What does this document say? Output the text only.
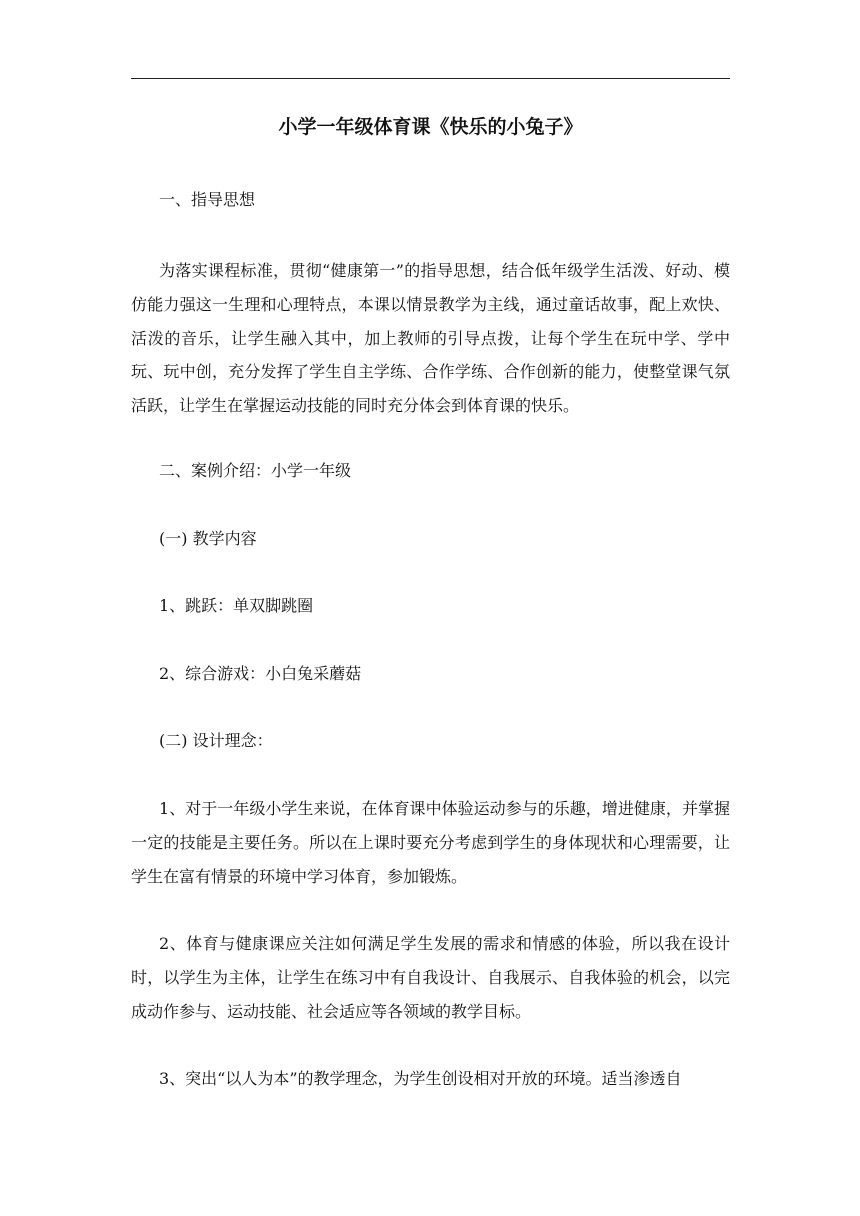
小学一年级体育课《快乐的小兔子》
一、指导思想
为落实课程标准，贯彻“健康第一”的指导思想，结合低年级学生活泼、好动、模仿能力强这一生理和心理特点，本课以情景教学为主线，通过童话故事，配上欢快、活泼的音乐，让学生融入其中，加上教师的引导点拨，让每个学生在玩中学、学中玩、玩中创，充分发挥了学生自主学练、合作学练、合作创新的能力，使整堂课气氛活跃，让学生在掌握运动技能的同时充分体会到体育课的快乐。
二、案例介绍：小学一年级
(一) 教学内容
1、跳跃：单双脚跳圈
2、综合游戏：小白兔采蘑菇
(二) 设计理念：
1、对于一年级小学生来说，在体育课中体验运动参与的乐趣，增进健康，并掌握一定的技能是主要任务。所以在上课时要充分考虑到学生的身体现状和心理需要，让学生在富有情景的环境中学习体育，参加锻炼。
2、体育与健康课应关注如何满足学生发展的需求和情感的体验，所以我在设计时，以学生为主体，让学生在练习中有自我设计、自我展示、自我体验的机会，以完成动作参与、运动技能、社会适应等各领域的教学目标。
3、突出“以人为本”的教学理念，为学生创设相对开放的环境。适当渗透自
